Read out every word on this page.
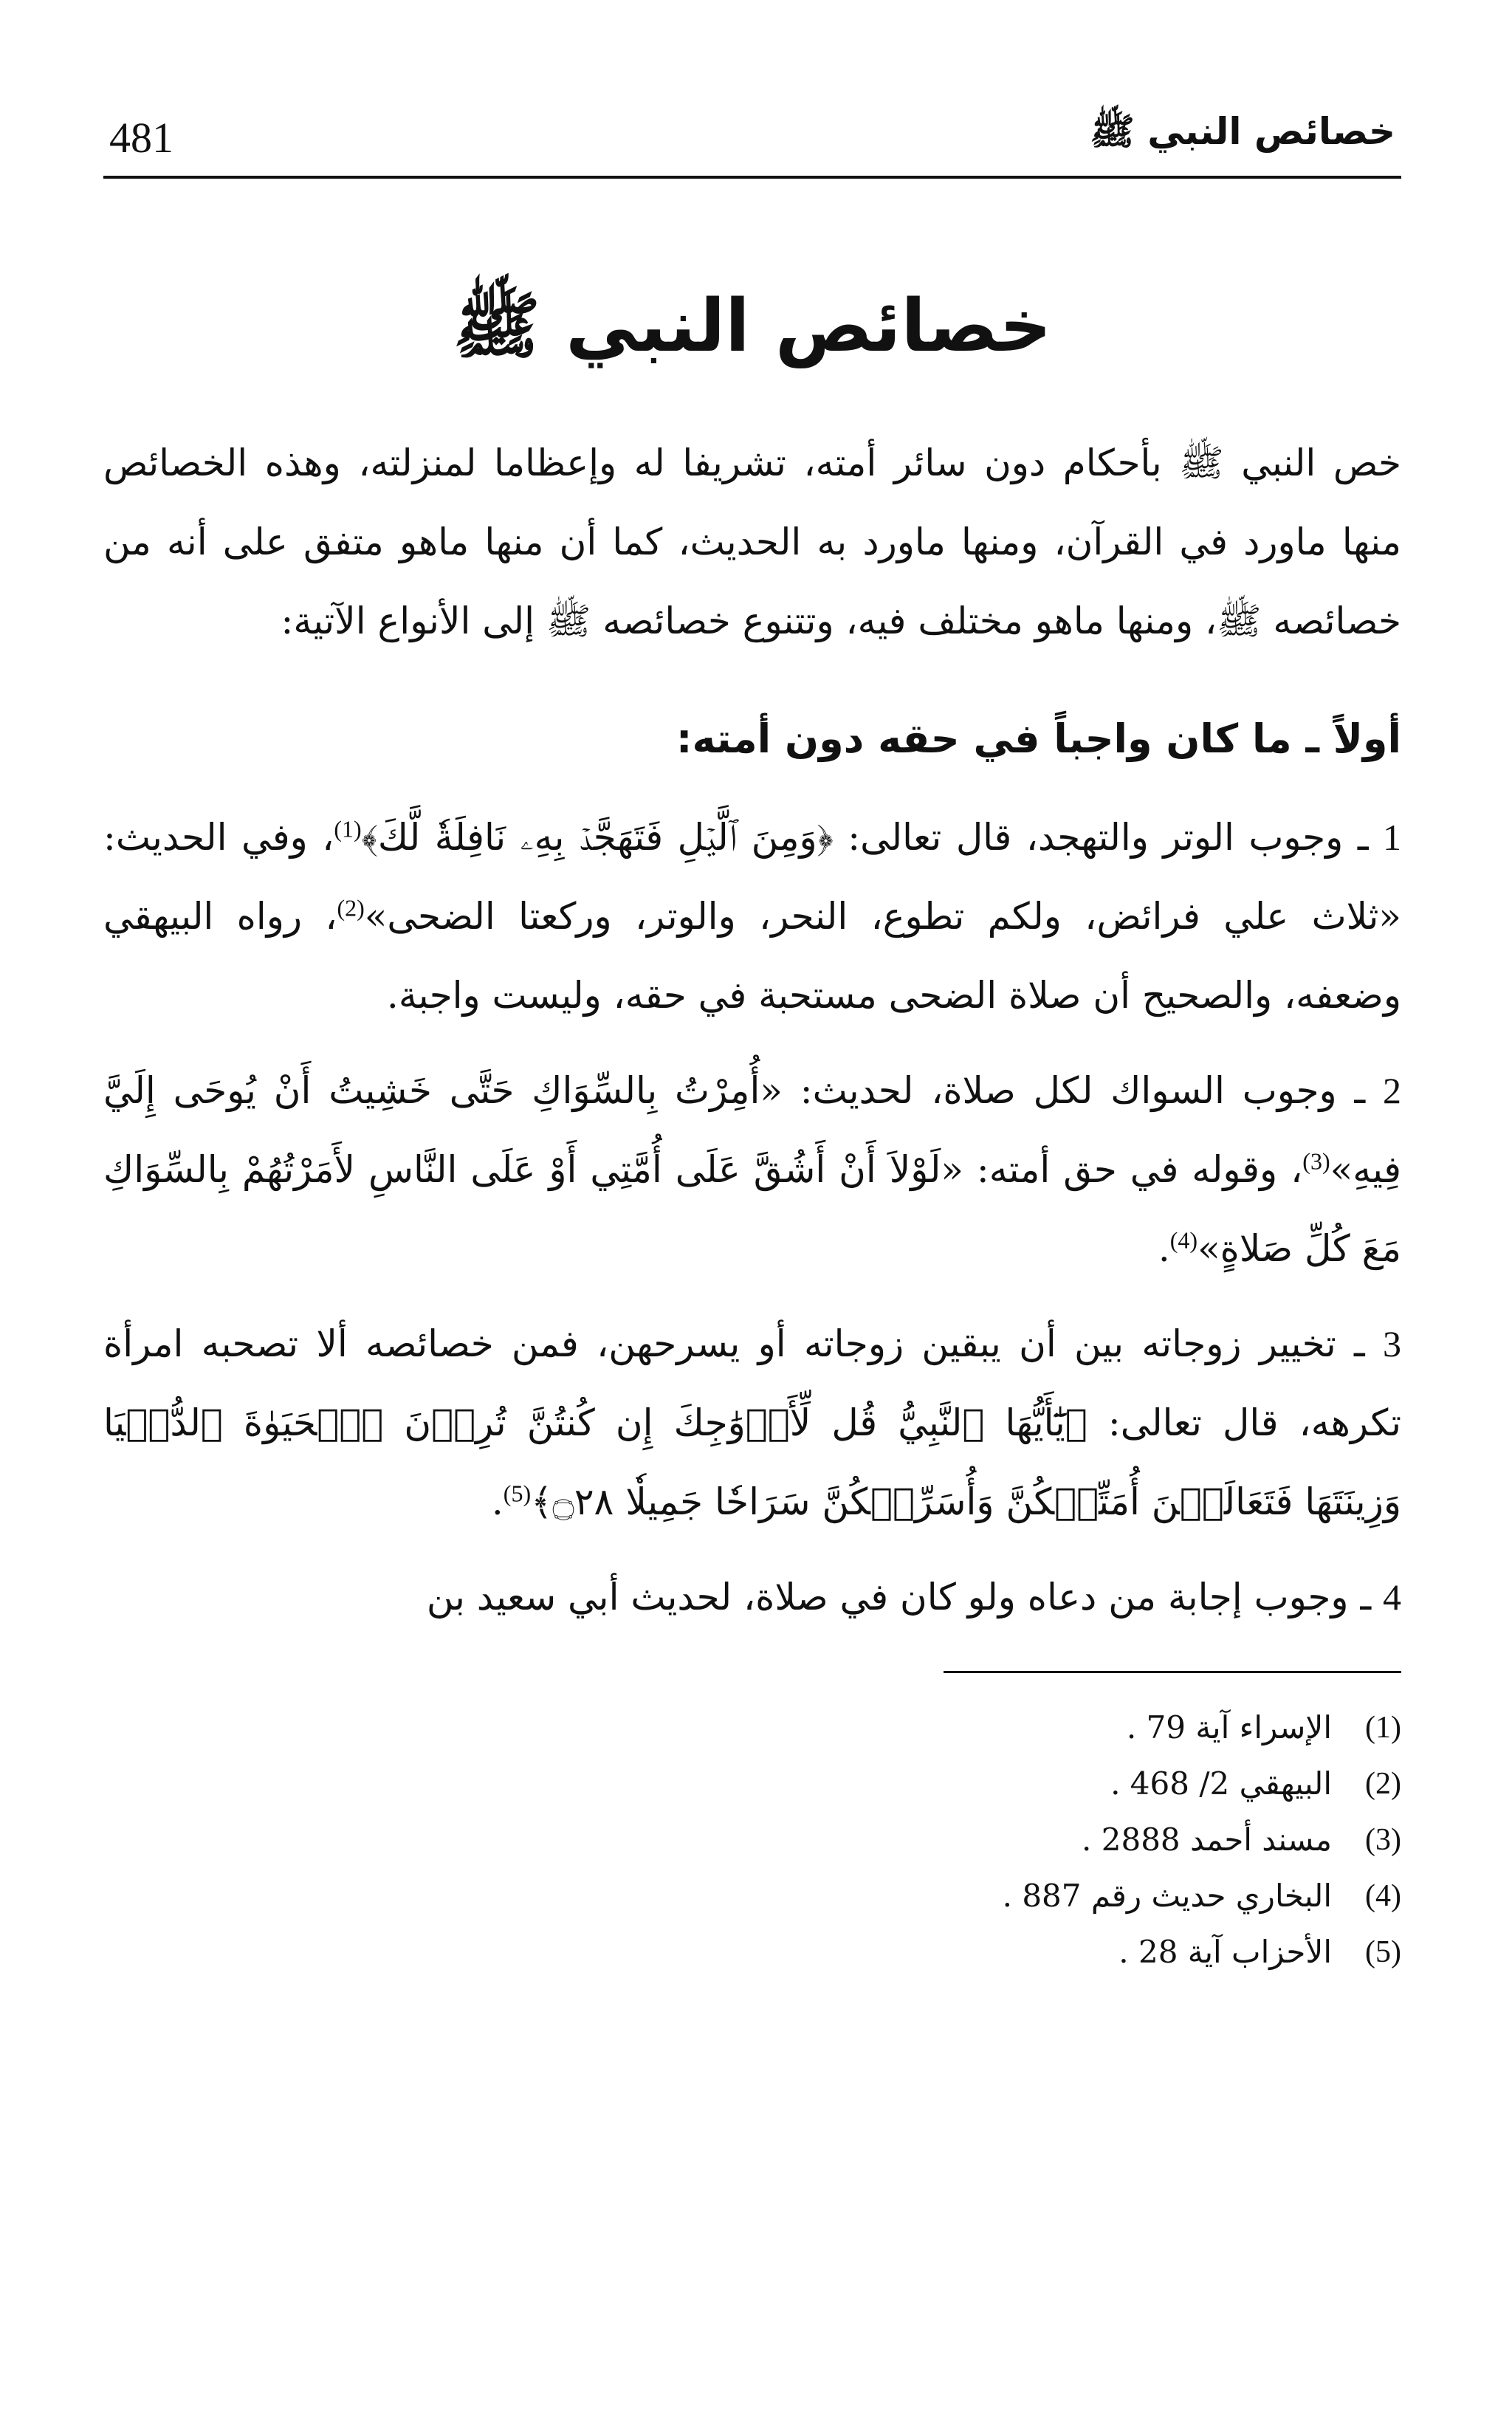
خصائص النبي ﷺ
481
خصائص النبي ﷺ

خص النبي ﷺ بأحكام دون سائر أمته، تشريفا له وإعظاما لمنزلته، وهذه الخصائص منها ماورد في القرآن، ومنها ماورد به الحديث، كما أن منها ماهو متفق على أنه من خصائصه ﷺ، ومنها ماهو مختلف فيه، وتتنوع خصائصه ﷺ إلى الأنواع الآتية:

أولاً ـ ما كان واجباً في حقه دون أمته:

1 ـ وجوب الوتر والتهجد، قال تعالى: ﴿وَمِنَ ٱلَّيۡلِ فَتَهَجَّدۡ بِهِۦ نَافِلَةٗ لَّكَ﴾$^{(1)}$، وفي الحديث: «ثلاث علي فرائض، ولكم تطوع، النحر، والوتر، وركعتا الضحى»$^{(2)}$، رواه البيهقي وضعفه، والصحيح أن صلاة الضحى مستحبة في حقه، وليست واجبة.

2 ـ وجوب السواك لكل صلاة، لحديث: «أُمِرْتُ بِالسِّوَاكِ حَتَّى خَشِيتُ أَنْ يُوحَى إِلَيَّ فِيهِ»$^{(3)}$، وقوله في حق أمته: «لَوْلاَ أَنْ أَشُقَّ عَلَى أُمَّتِي أَوْ عَلَى النَّاسِ لأَمَرْتُهُمْ بِالسِّوَاكِ مَعَ كُلِّ صَلاةٍ»$^{(4)}$.

3 ـ تخيير زوجاته بين أن يبقين زوجاته أو يسرحهن، فمن خصائصه ألا تصحبه امرأة تكرهه، قال تعالى: ﴿يَٰٓأَيُّهَا ٱلنَّبِيُّ قُل لِّأَزۡوَٰجِكَ إِن كُنتُنَّ تُرِدۡنَ ٱلۡحَيَوٰةَ ٱلدُّنۡيَا وَزِينَتَهَا فَتَعَالَيۡنَ أُمَتِّعۡكُنَّ وَأُسَرِّحۡكُنَّ سَرَاحٗا جَمِيلٗا ۝٢٨﴾$^{(5)}$.

4 ـ وجوب إجابة من دعاه ولو كان في صلاة، لحديث أبي سعيد بن

(1)
الإسراء آية 79 .
(2)
البيهقي 2/ 468 .
(3)
مسند أحمد 2888 .
(4)
البخاري حديث رقم 887 .
(5)
الأحزاب آية 28 .
